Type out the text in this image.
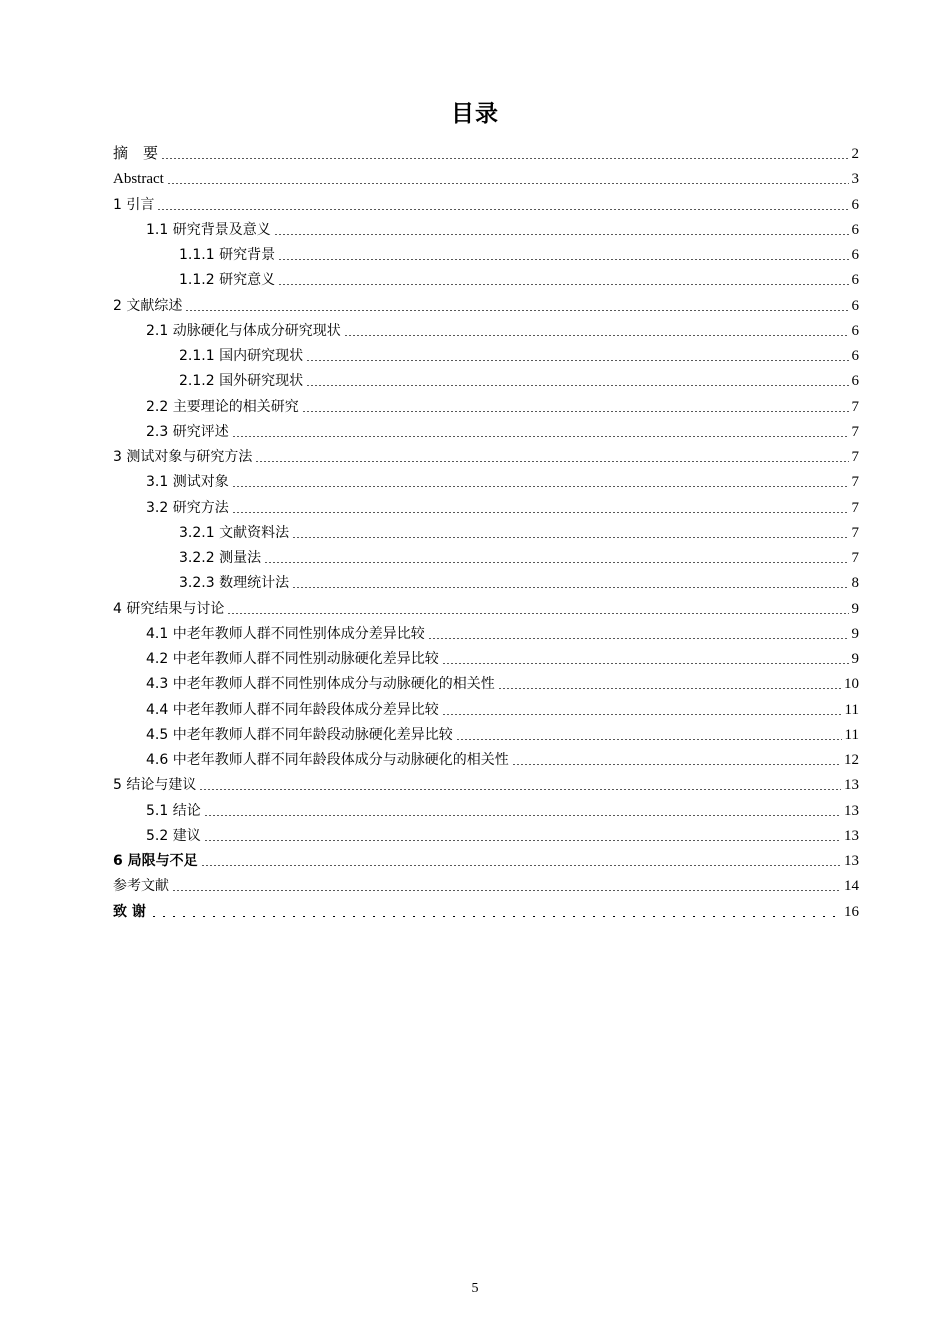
目录
摘　要	2
Abstract	3
1 引言	6
1.1 研究背景及意义	6
1.1.1 研究背景	6
1.1.2 研究意义	6
2 文献综述	6
2.1 动脉硬化与体成分研究现状	6
2.1.1 国内研究现状	6
2.1.2 国外研究现状	6
2.2 主要理论的相关研究	7
2.3 研究评述	7
3 测试对象与研究方法	7
3.1 测试对象	7
3.2 研究方法	7
3.2.1 文献资料法	7
3.2.2 测量法	7
3.2.3 数理统计法	8
4 研究结果与讨论	9
4.1 中老年教师人群不同性别体成分差异比较	9
4.2 中老年教师人群不同性别动脉硬化差异比较	9
4.3 中老年教师人群不同性别体成分与动脉硬化的相关性	10
4.4 中老年教师人群不同年龄段体成分差异比较	11
4.5 中老年教师人群不同年龄段动脉硬化差异比较	11
4.6 中老年教师人群不同年龄段体成分与动脉硬化的相关性	12
5 结论与建议	13
5.1 结论	13
5.2 建议	13
6 局限与不足	13
参考文献	14
致 谢	16
5
